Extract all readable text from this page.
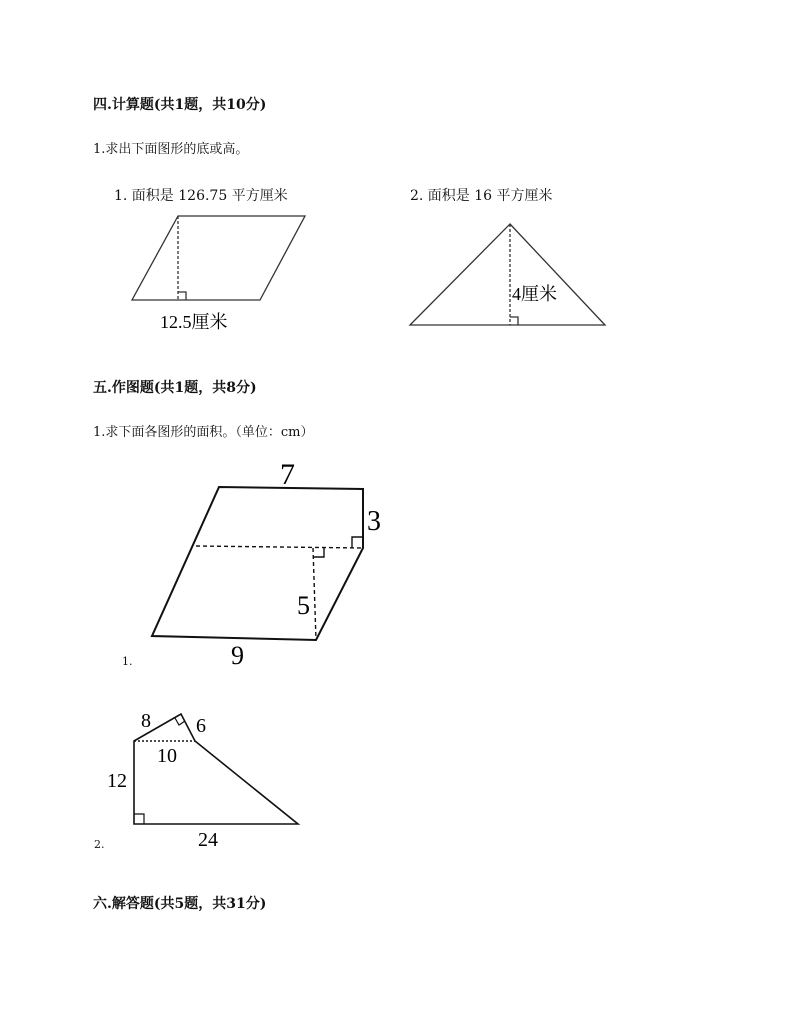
四.计算题(共1题，共10分)
1.求出下面图形的底或高。
1. 面积是 126.75 平方厘米	2. 面积是 16 平方厘米
12.5厘米
4厘米
7
3
5
9
8 6
10
12
24
五.作图题(共1题，共8分)
1.求下面各图形的面积。（单位：cm）
1.
2.
六.解答题(共5题，共31分)
